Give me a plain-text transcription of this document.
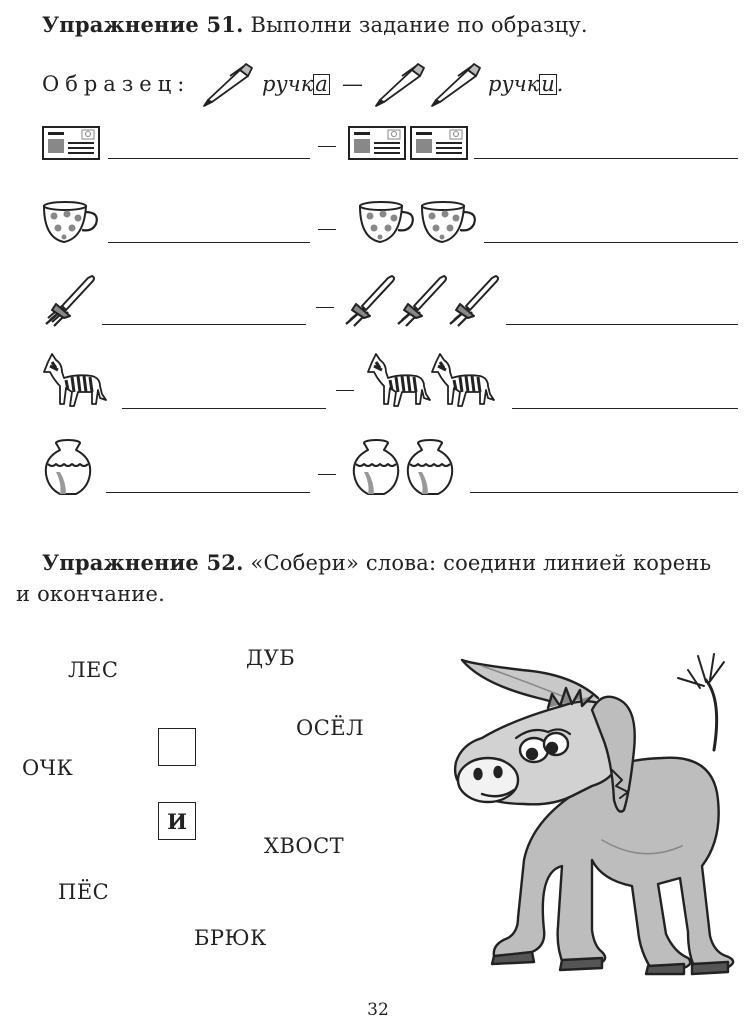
Упражнение 51. Выполни задание по образцу.
Образец:	ручка —	ручки.
Упражнение 52. «Собери» слова: соедини линией корень
и окончание.
ЛЕС	ДУБ
ОСЁЛ
ОЧК
ХВОСТ
ПЁС
БРЮК
И
32
